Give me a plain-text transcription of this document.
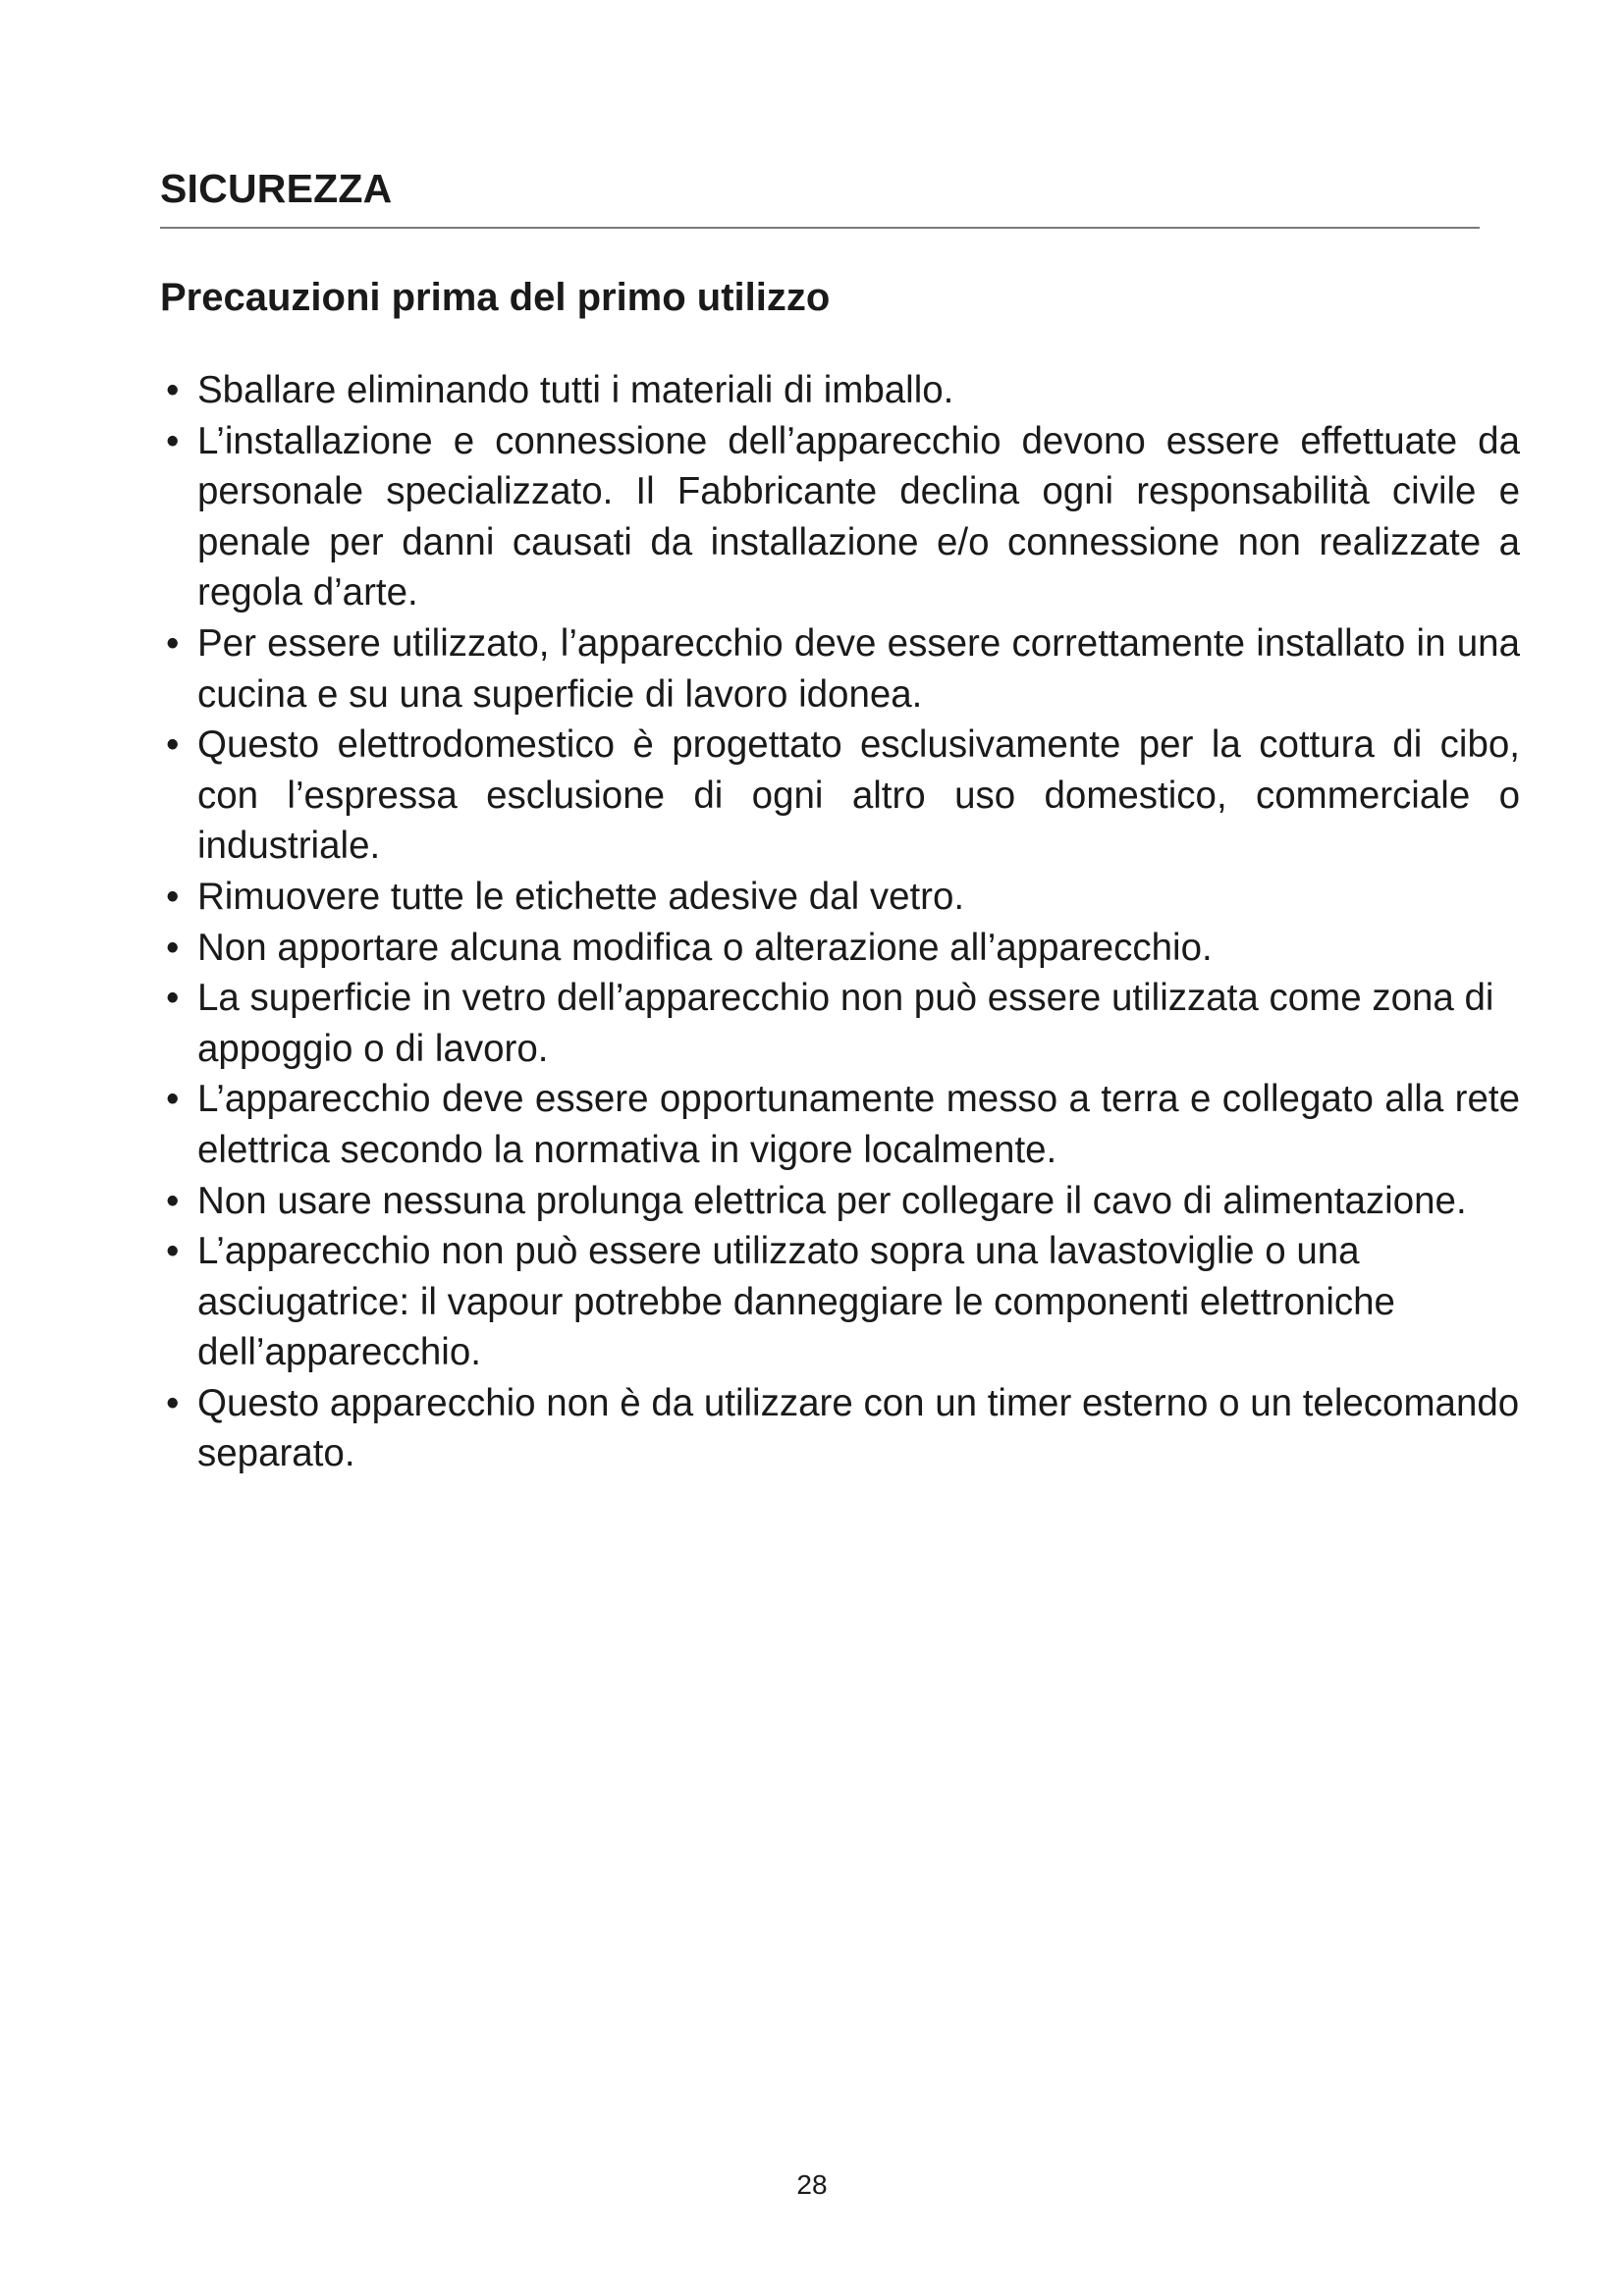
SICUREZZA
Precauzioni prima del primo utilizzo
• Sballare eliminando tutti i materiali di imballo.
• L’installazione e connessione dell’apparecchio devono essere effettuate da personale specializzato. Il Fabbricante declina ogni responsabilità civile e penale per danni causati da installazione e/o connessione non realizzate a regola d’arte.
• Per essere utilizzato, l’apparecchio deve essere correttamente installato in una cucina e su una superficie di lavoro idonea.
• Questo elettrodomestico è progettato esclusivamente per la cottura di cibo, con l’espressa esclusione di ogni altro uso domestico, commerciale o industriale.
• Rimuovere tutte le etichette adesive dal vetro.
• Non apportare alcuna modifica o alterazione all’apparecchio.
• La superficie in vetro dell’apparecchio non può essere utilizzata come zona di appoggio o di lavoro.
• L’apparecchio deve essere opportunamente messo a terra e collegato alla rete elettrica secondo la normativa in vigore localmente.
• Non usare nessuna prolunga elettrica per collegare il cavo di alimentazione.
• L’apparecchio non può essere utilizzato sopra una lavastoviglie o una asciugatrice: il vapour potrebbe danneggiare le componenti elettroniche dell’apparecchio.
• Questo apparecchio non è da utilizzare con un timer esterno o un telecomando separato.
28
